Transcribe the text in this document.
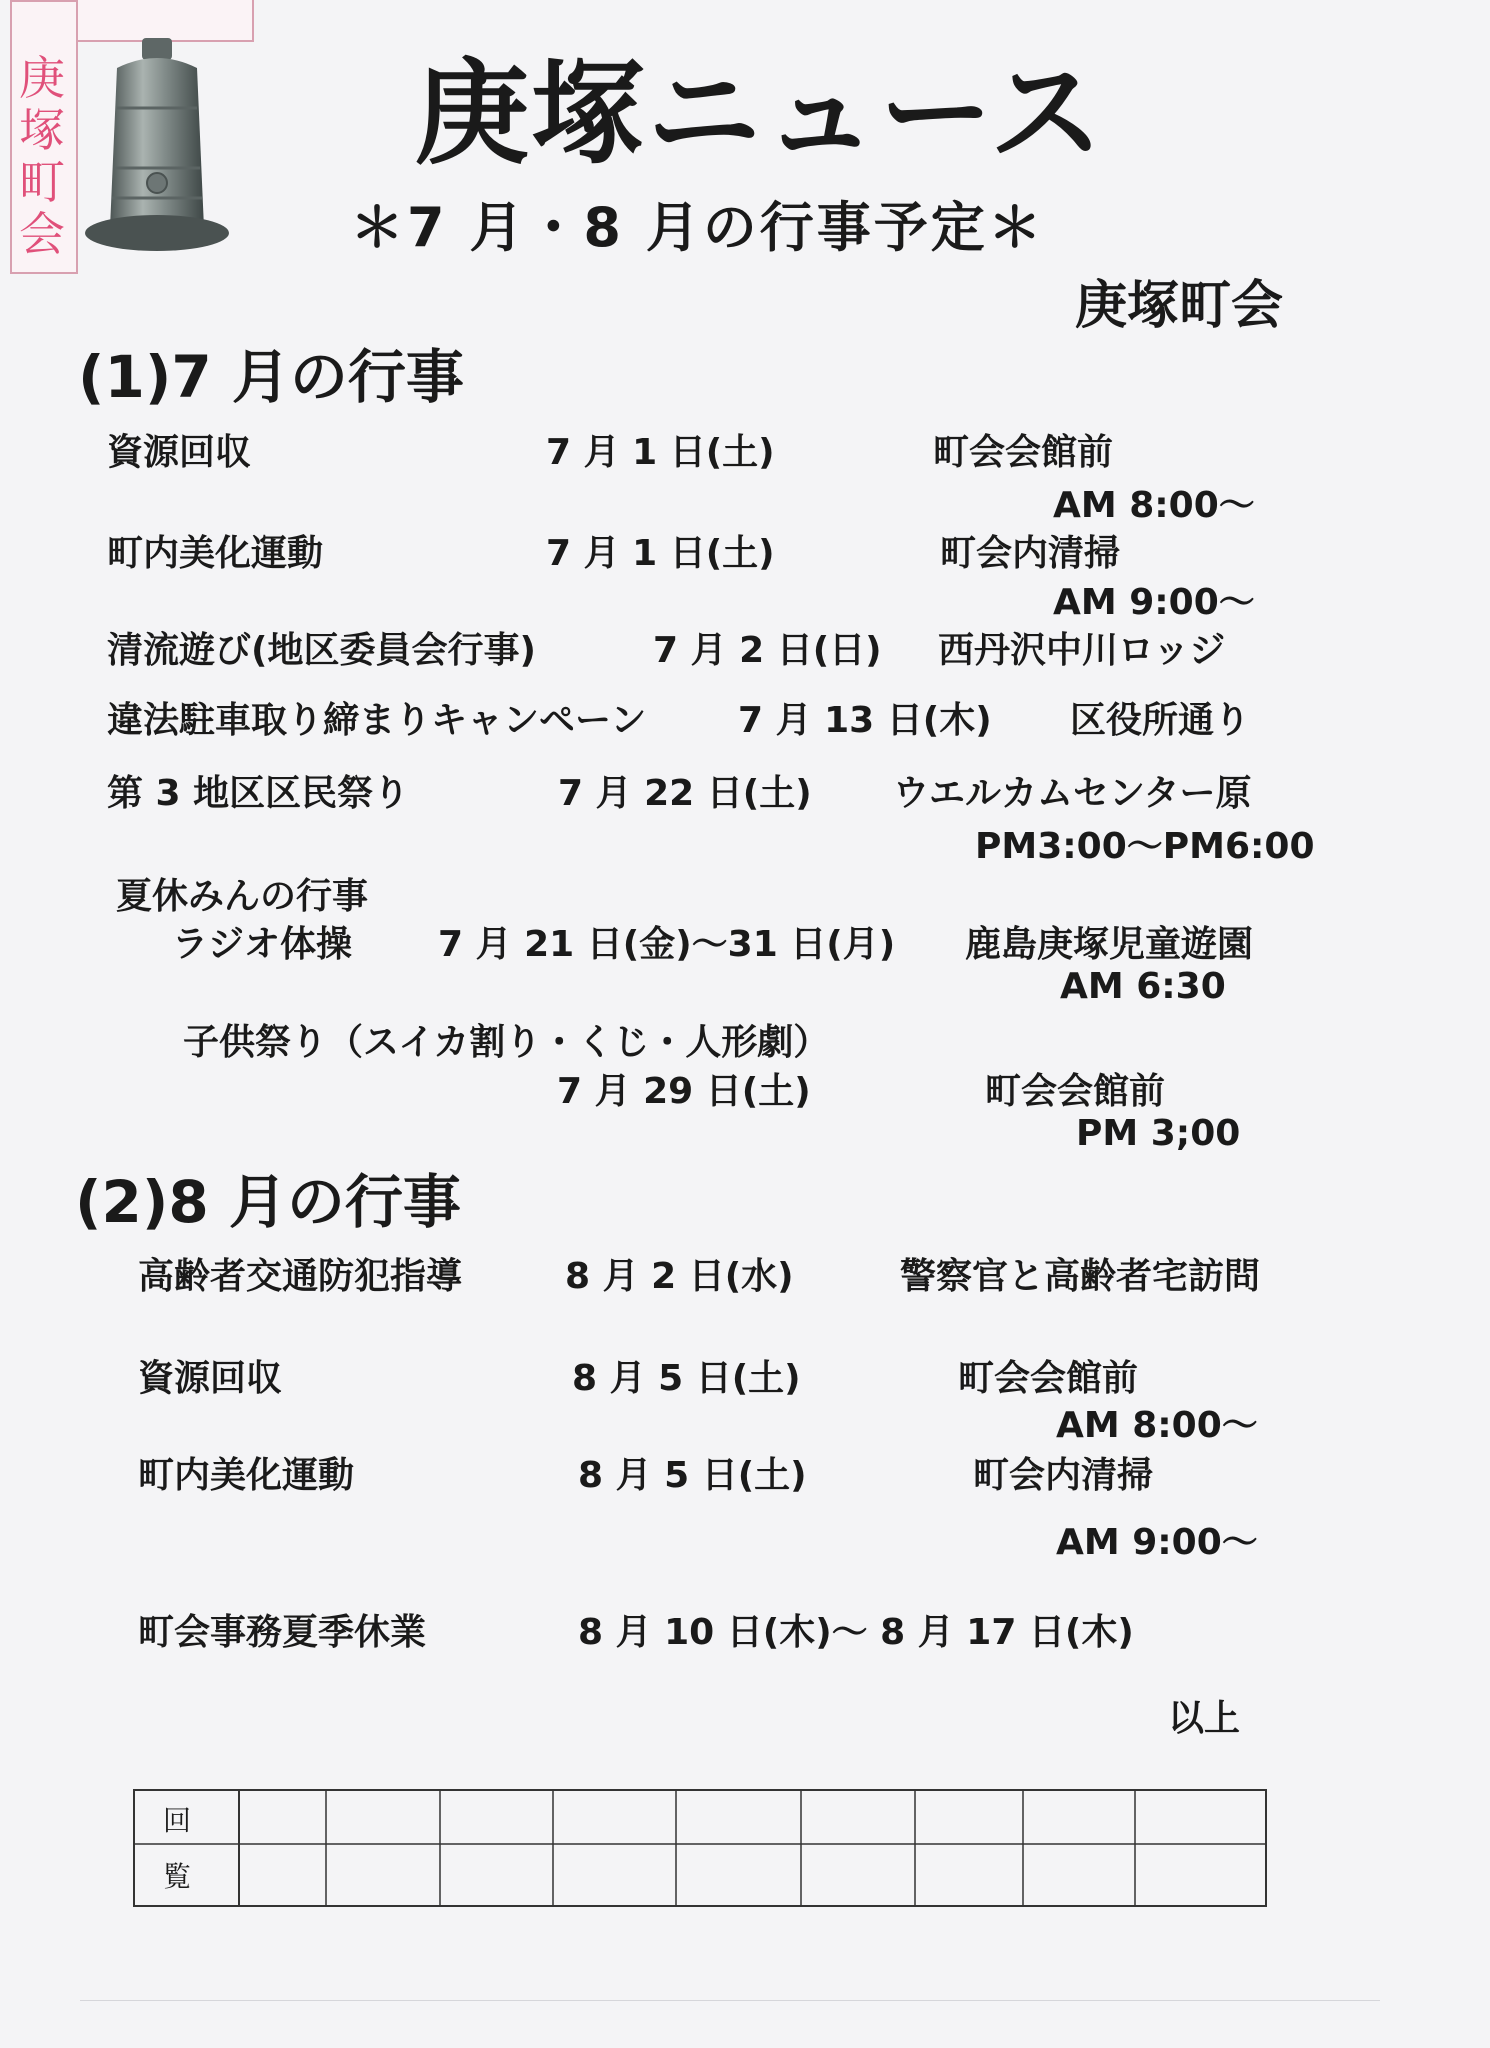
庚
塚
町
会
庚塚ニュース
＊7 月・8 月の行事予定＊
庚塚町会
(1)7 月の行事
資源回収	7 月 1 日(土)	町会会館前
AM 8:00～
町内美化運動	7 月 1 日(土)	町会内清掃
AM 9:00～
清流遊び(地区委員会行事)	7 月 2 日(日) 西丹沢中川ロッジ
違法駐車取り締まりキャンペーン	7 月 13 日(木) 区役所通り
第 3 地区区民祭り	7 月 22 日(土) ウエルカムセンター原
PM3:00～PM6:00
夏休みんの行事
ラジオ体操 7 月 21 日(金)～31 日(月) 鹿島庚塚児童遊園
AM 6:30
子供祭り（スイカ割り・くじ・人形劇）
7 月 29 日(土)	町会会館前
PM 3;00
(2)8 月の行事
高齢者交通防犯指導	8 月 2 日(水)	警察官と高齢者宅訪問
資源回収	8 月 5 日(土)	町会会館前
AM 8:00～
町内美化運動	8 月 5 日(土)	町会内清掃
AM 9:00～
町会事務夏季休業	8 月 10 日(木)～ 8 月 17 日(木)
以上
回
覧
